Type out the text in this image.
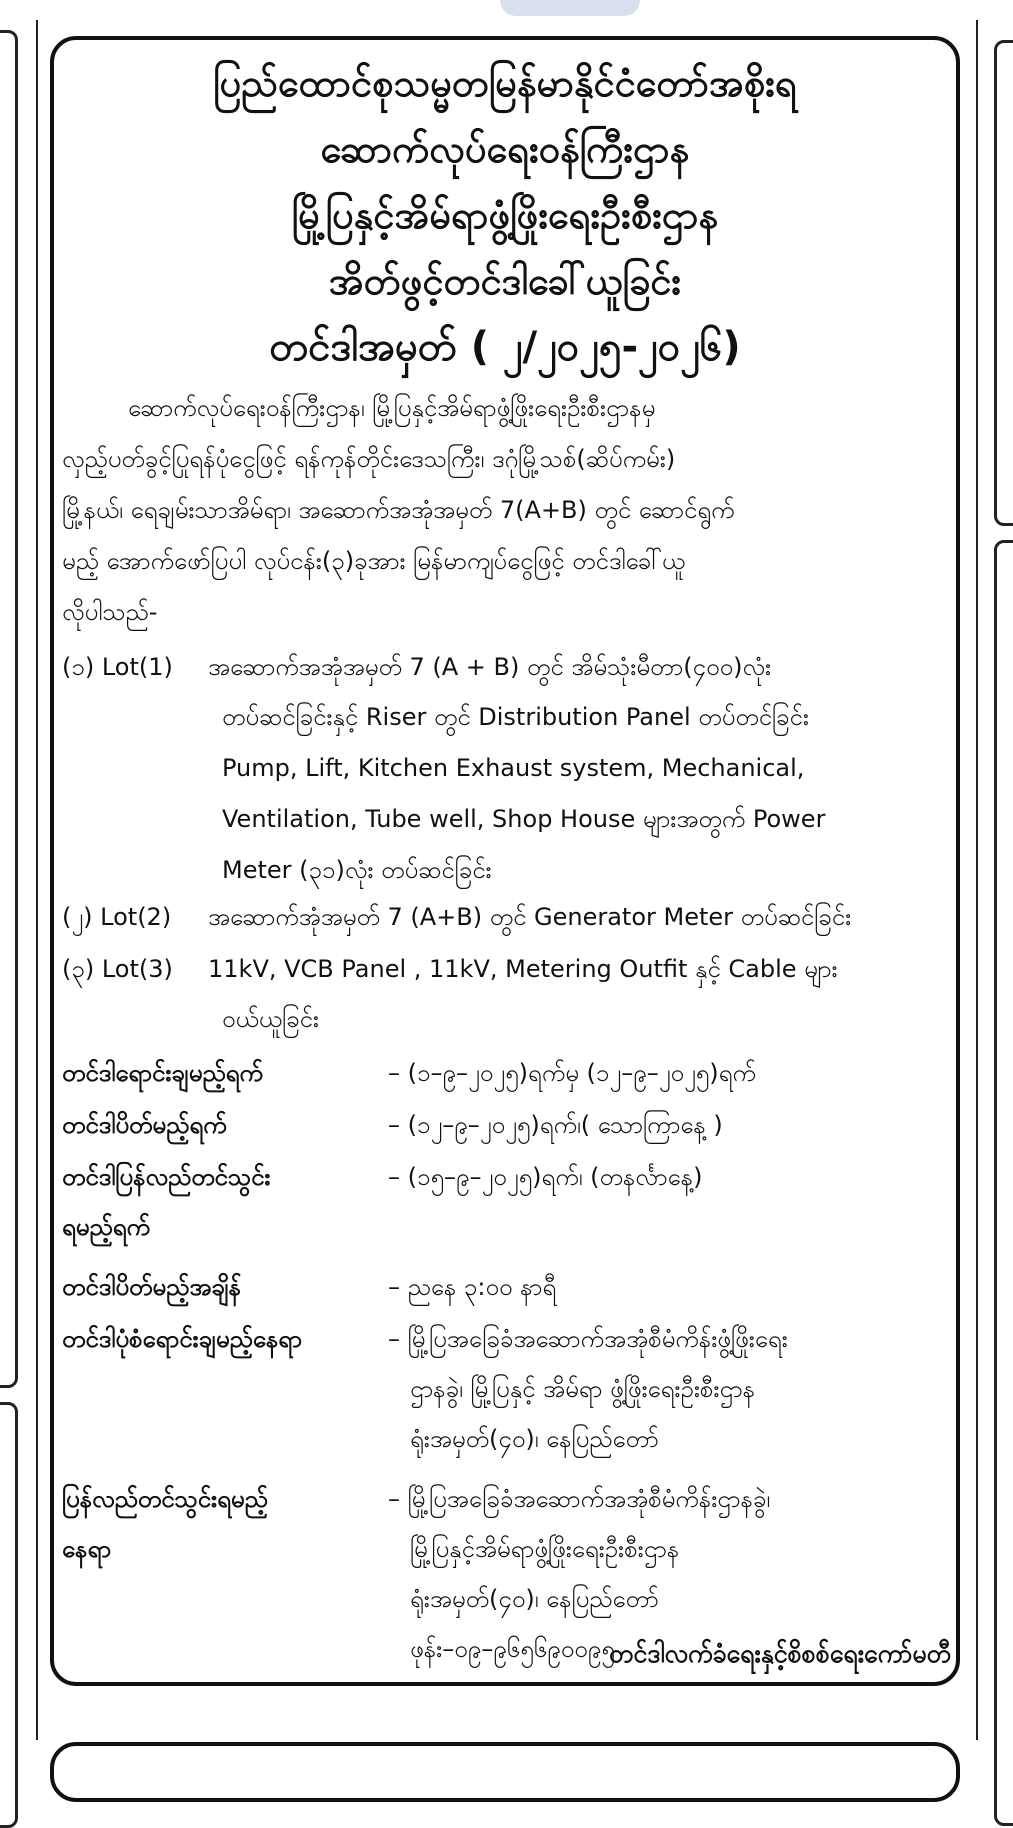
ပြည်ထောင်စုသမ္မတမြန်မာနိုင်ငံတော်အစိုးရ
ဆောက်လုပ်ရေးဝန်ကြီးဌာန
မြို့ပြနှင့်အိမ်ရာဖွံ့ဖြိုးရေးဦးစီးဌာန
အိတ်ဖွင့်တင်ဒါခေါ်ယူခြင်း
တင်ဒါအမှတ် ( ၂/၂၀၂၅-၂၀၂၆)
ဆောက်လုပ်ရေးဝန်ကြီးဌာန၊ မြို့ပြနှင့်အိမ်ရာဖွံ့ဖြိုးရေးဦးစီးဌာနမှ
လှည့်ပတ်ခွင့်ပြုရန်ပုံငွေဖြင့် ရန်ကုန်တိုင်းဒေသကြီး၊ ဒဂုံမြို့သစ်(ဆိပ်ကမ်း)
မြို့နယ်၊ ရေချမ်းသာအိမ်ရာ၊ အဆောက်အအုံအမှတ် 7(A+B) တွင် ဆောင်ရွက်
မည့် အောက်ဖော်ပြပါ လုပ်ငန်း(၃)ခုအား မြန်မာကျပ်ငွေဖြင့် တင်ဒါခေါ်ယူ
လိုပါသည်-
(၁) Lot(1) အဆောက်အအုံအမှတ် 7 (A + B) တွင် အိမ်သုံးမီတာ(၄၀၀)လုံး
တပ်ဆင်ခြင်းနှင့် Riser တွင် Distribution Panel တပ်တင်ခြင်း
Pump, Lift, Kitchen Exhaust system, Mechanical,
Ventilation, Tube well, Shop House များအတွက် Power
Meter (၃၁)လုံး တပ်ဆင်ခြင်း
(၂) Lot(2) အဆောက်အုံအမှတ် 7 (A+B) တွင် Generator Meter တပ်ဆင်ခြင်း
(၃) Lot(3) 11kV, VCB Panel , 11kV, Metering Outfit နှင့် Cable များ
ဝယ်ယူခြင်း
တင်ဒါရောင်းချမည့်ရက်	– (၁–၉–၂၀၂၅)ရက်မှ (၁၂–၉–၂၀၂၅)ရက်
တင်ဒါပိတ်မည့်ရက်	– (၁၂–၉–၂၀၂၅)ရက်၊( သောကြာနေ့ )
တင်ဒါပြန်လည်တင်သွင်း
ရမည့်ရက်
– (၁၅–၉–၂၀၂၅)ရက်၊ (တနင်္လာနေ့)
တင်ဒါပိတ်မည့်အချိန်	– ညနေ ၃:၀၀ နာရီ
တင်ဒါပုံစံရောင်းချမည့်နေရာ	– မြို့ပြအခြေခံအဆောက်အအုံစီမံကိန်းဖွံ့ဖြိုးရေး
ဌာနခွဲ၊ မြို့ပြနှင့် အိမ်ရာ ဖွံ့ဖြိုးရေးဦးစီးဌာန
ရုံးအမှတ်(၄၀)၊ နေပြည်တော်
ပြန်လည်တင်သွင်းရမည့်
နေရာ
– မြို့ပြအခြေခံအဆောက်အအုံစီမံကိန်းဌာနခွဲ၊
မြို့ပြနှင့်အိမ်ရာဖွံ့ဖြိုးရေးဦးစီးဌာန
ရုံးအမှတ်(၄၀)၊ နေပြည်တော်
ဖုန်း–၀၉–၉၆၅၆၉၀၀၉၅
တင်ဒါလက်ခံရေးနှင့်စိစစ်ရေးကော်မတီ
